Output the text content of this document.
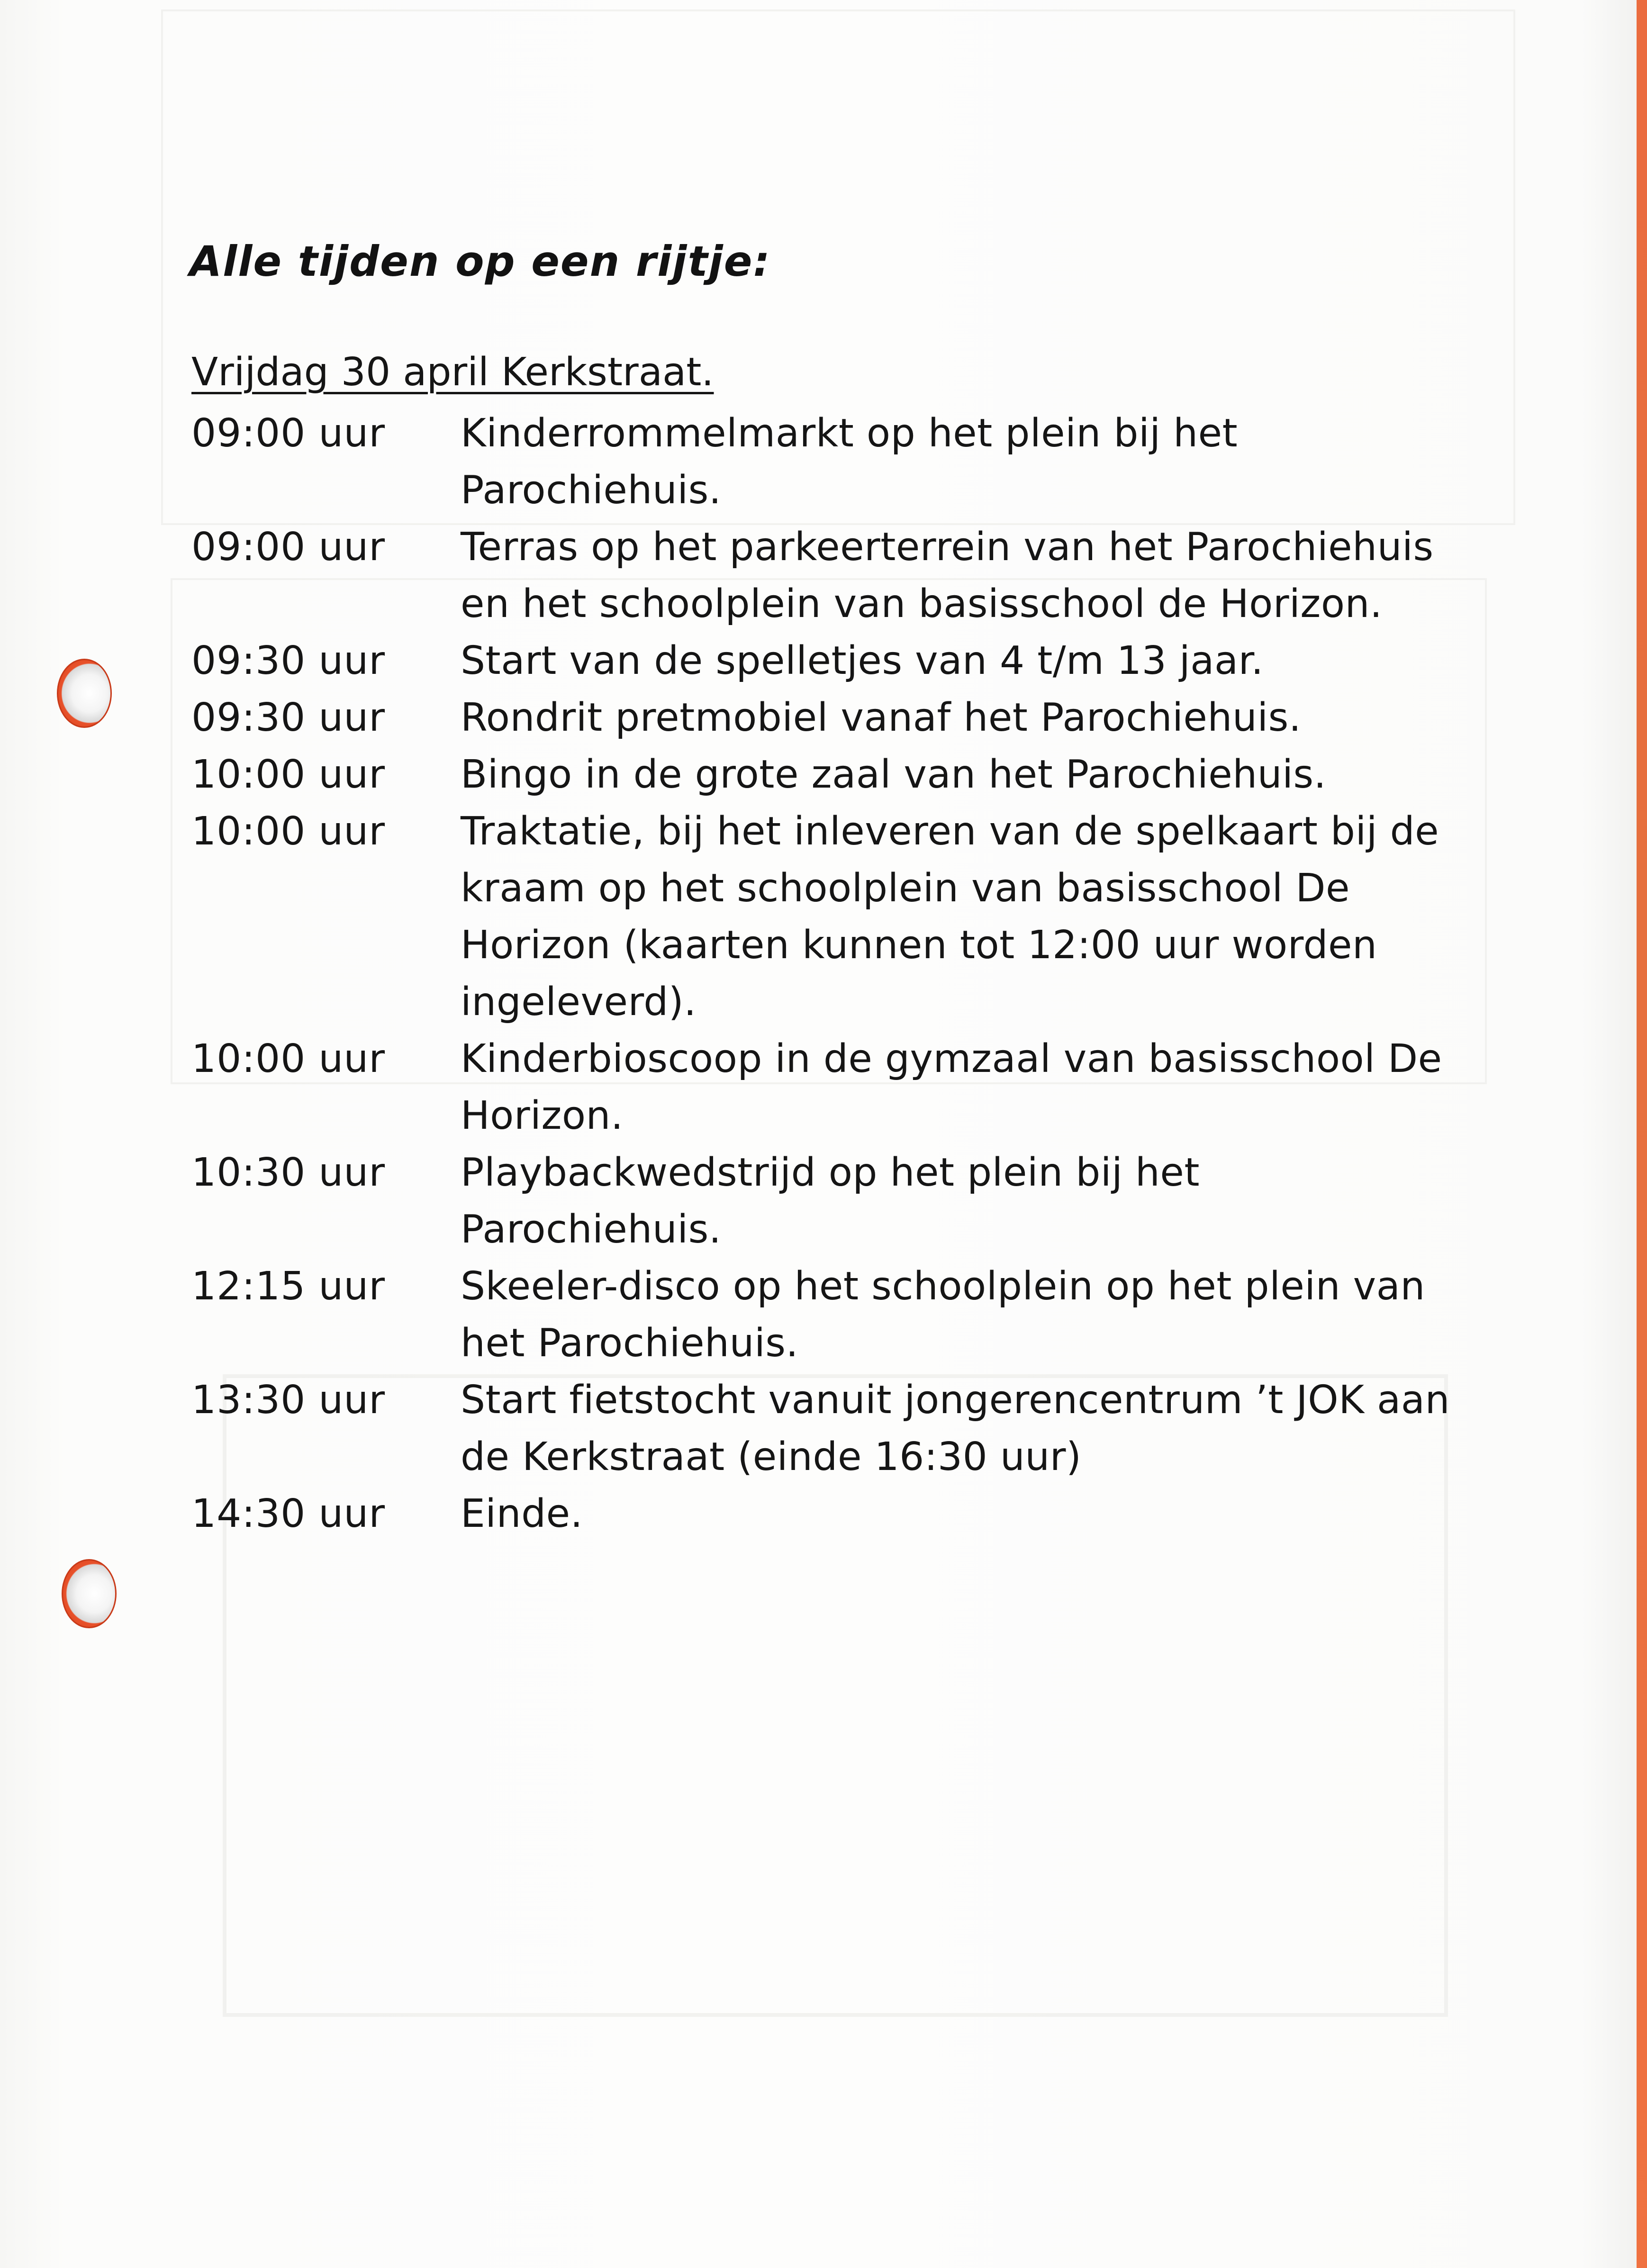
Alle tijden op een rijtje:
Vrijdag 30 april Kerkstraat.
09:00 uur	Kinderrommelmarkt op het plein bij het Parochiehuis.
09:00 uur	Terras op het parkeerterrein van het Parochiehuis en het schoolplein van basisschool de Horizon.
09:30 uur	Start van de spelletjes van 4 t/m 13 jaar.
09:30 uur	Rondrit pretmobiel vanaf het Parochiehuis.
10:00 uur	Bingo in de grote zaal van het Parochiehuis.
10:00 uur	Traktatie, bij het inleveren van de spelkaart bij de kraam op het schoolplein van basisschool De Horizon (kaarten kunnen tot 12:00 uur worden ingeleverd).
10:00 uur	Kinderbioscoop in de gymzaal van basisschool De Horizon.
10:30 uur	Playbackwedstrijd op het plein bij het Parochiehuis.
12:15 uur	Skeeler-disco op het schoolplein op het plein van het Parochiehuis.
13:30 uur	Start fietstocht vanuit jongerencentrum ’t JOK aan de Kerkstraat (einde 16:30 uur)
14:30 uur	Einde.
